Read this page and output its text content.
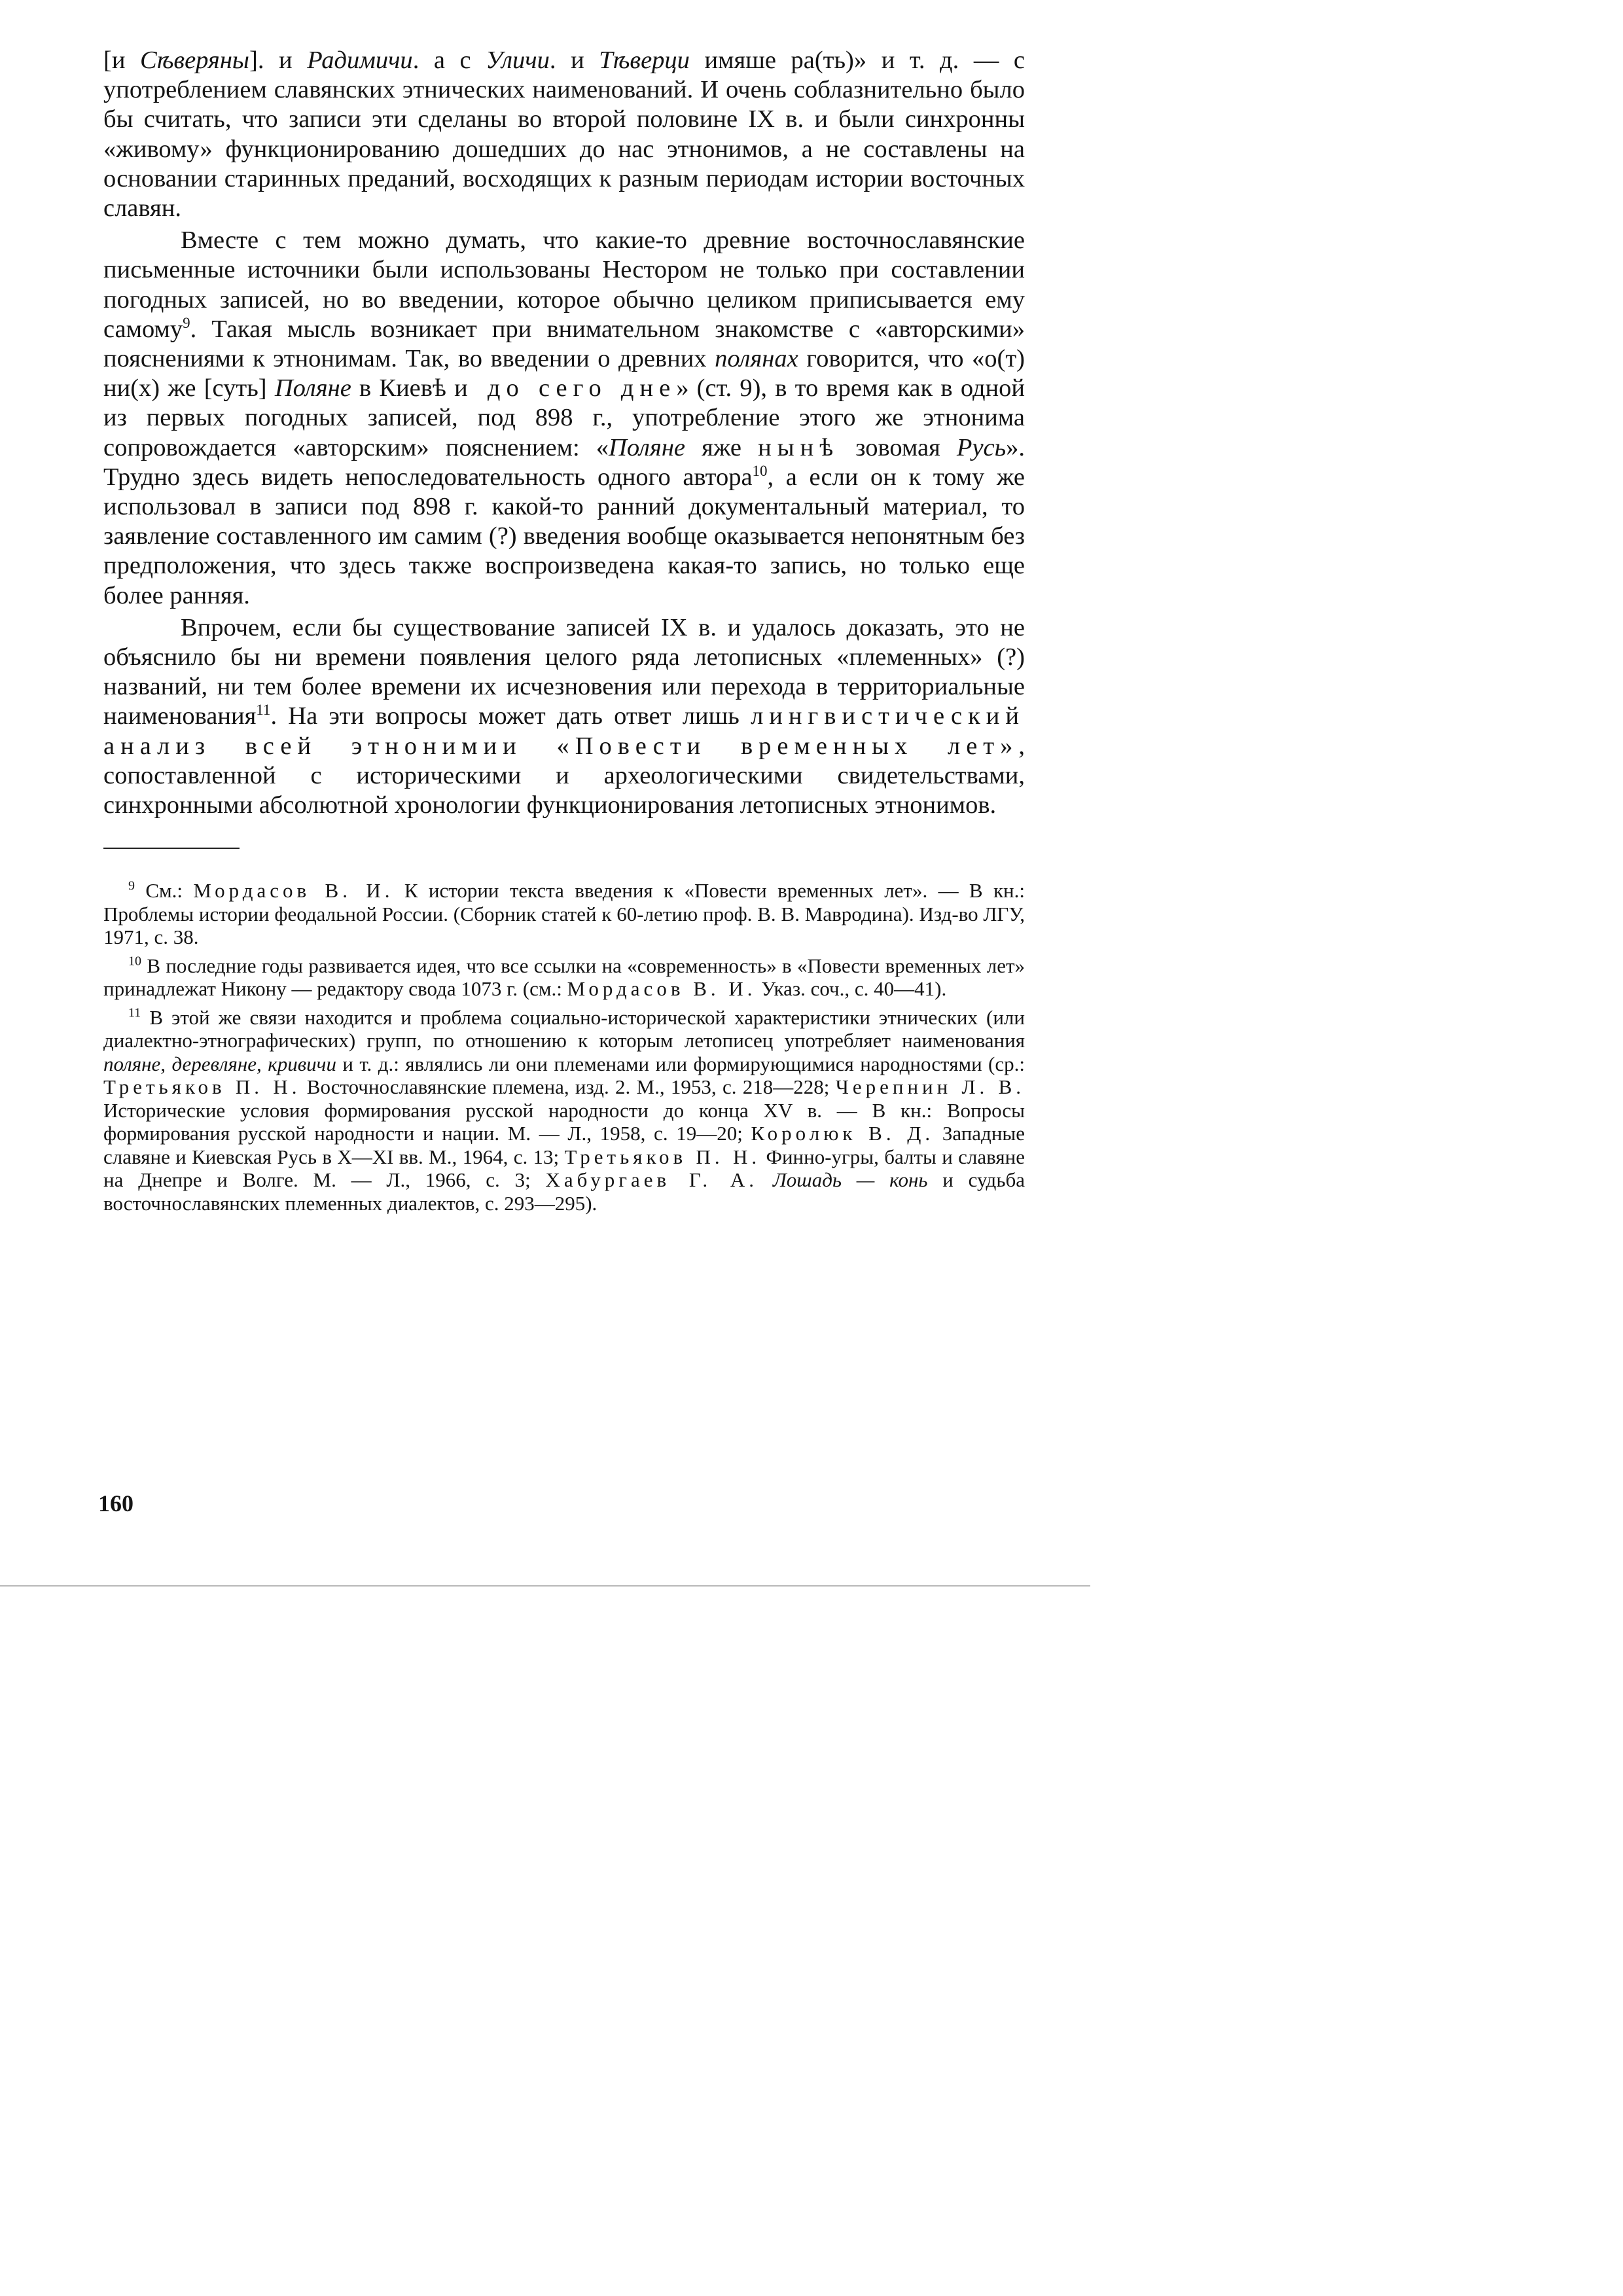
[и Сѣверяны]. и Радимичи. а с Уличи. и Тѣверци имяше ра(ть)» и т. д. — с употреблением славянских этнических наименований. И очень соблазнительно было бы считать, что записи эти сделаны во второй половине IX в. и были синхронны «живому» функционированию дошедших до нас этнонимов, а не составлены на основании старинных преданий, восходящих к разным периодам истории восточных славян.

Вместе с тем можно думать, что какие-то древние восточнославянские письменные источники были использованы Нестором не только при составлении погодных записей, но во введении, которое обычно целиком приписывается ему самому$^9$. Такая мысль возникает при внимательном знакомстве с «авторскими» пояснениями к этнонимам. Так, во введении о древних полянах говорится, что «о(т) ни(х) же [суть] Поляне в Киевѣ и до сего дне» (ст. 9), в то время как в одной из первых погодных записей, под 898 г., употребление этого же этнонима сопровождается «авторским» пояснением: «Поляне яже нынѣ зовомая Русь». Трудно здесь видеть непоследовательность одного автора$^{10}$, а если он к тому же использовал в записи под 898 г. какой-то ранний документальный материал, то заявление составленного им самим (?) введения вообще оказывается непонятным без предположения, что здесь также воспроизведена какая-то запись, но только еще более ранняя.

Впрочем, если бы существование записей IX в. и удалось доказать, это не объяснило бы ни времени появления целого ряда летописных «племенных» (?) названий, ни тем более времени их исчезновения или перехода в территориальные наименования$^{11}$. На эти вопросы может дать ответ лишь лингвистический анализ всей этнонимии «Повести временных лет», сопоставленной с историческими и археологическими свидетельствами, синхронными абсолютной хронологии функционирования летописных этнонимов.

$^9$ См.: Мордасов В. И. К истории текста введения к «Повести временных лет». — В кн.: Проблемы истории феодальной России. (Сборник статей к 60-летию проф. В. В. Мавродина). Изд-во ЛГУ, 1971, с. 38.

$^{10}$ В последние годы развивается идея, что все ссылки на «современность» в «Повести временных лет» принадлежат Никону — редактору свода 1073 г. (см.: Мордасов В. И. Указ. соч., с. 40—41).

$^{11}$ В этой же связи находится и проблема социально-исторической характеристики этнических (или диалектно-этнографических) групп, по отношению к которым летописец употребляет наименования поляне, деревляне, кривичи и т. д.: являлись ли они племенами или формирующимися народностями (ср.: Третьяков П. Н. Восточнославянские племена, изд. 2. М., 1953, с. 218—228; Черепнин Л. В. Исторические условия формирования русской народности до конца XV в. — В кн.: Вопросы формирования русской народности и нации. М. — Л., 1958, с. 19—20; Королюк В. Д. Западные славяне и Киевская Русь в X—XI вв. М., 1964, с. 13; Третьяков П. Н. Финно-угры, балты и славяне на Днепре и Волге. М. — Л., 1966, с. 3; Хабургаев Г. А. Лошадь — конь и судьба восточнославянских племенных диалектов, с. 293—295).

160
